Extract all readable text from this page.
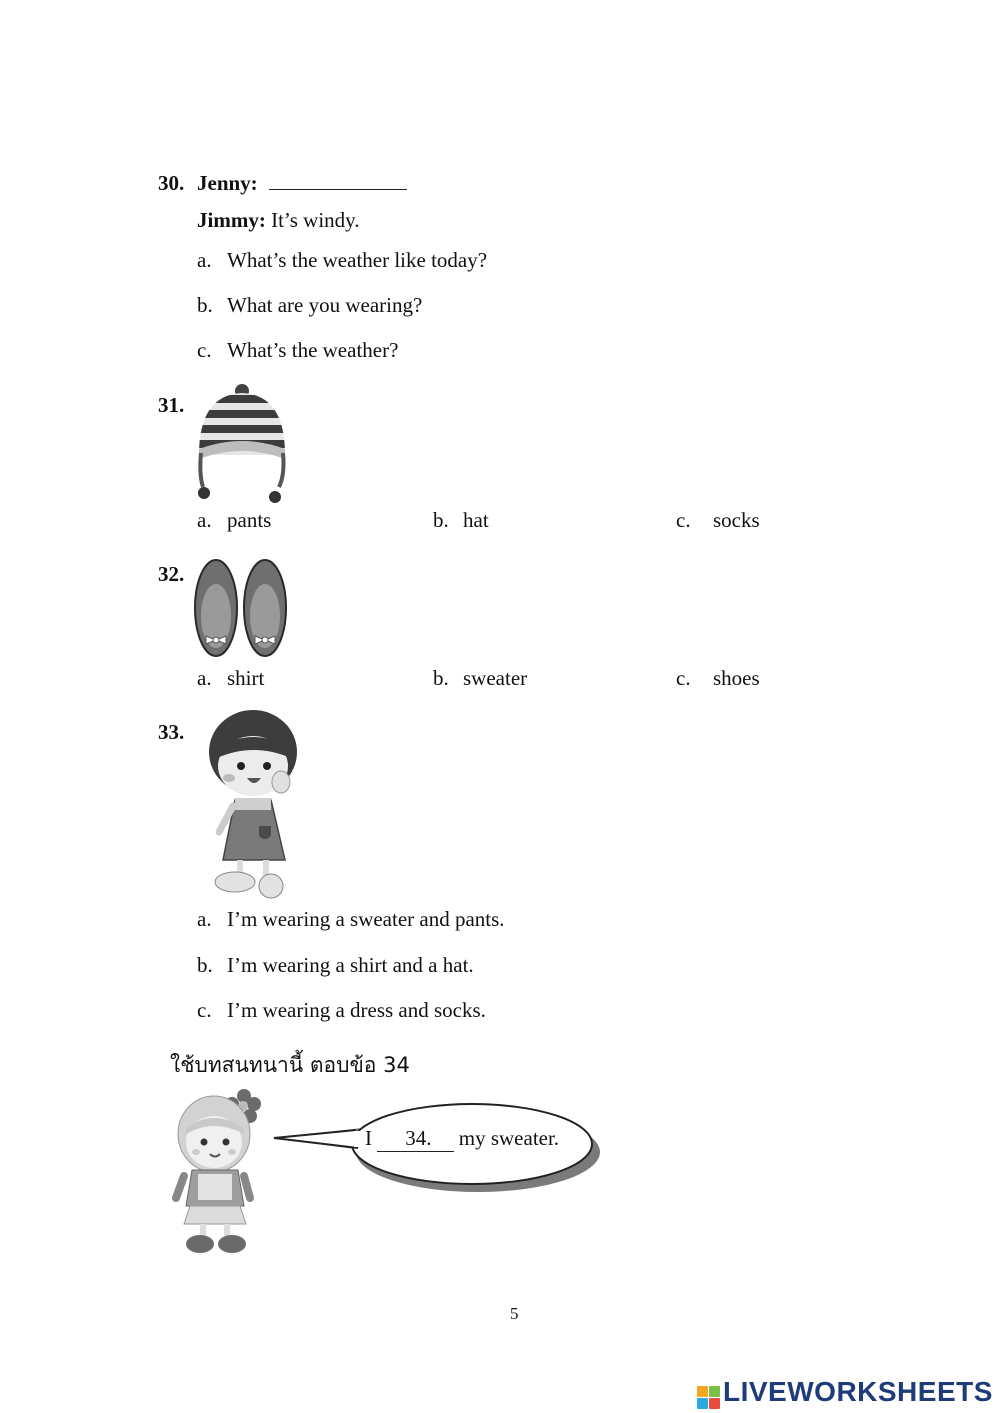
30. Jenny:
Jimmy: It’s windy.
a. What’s the weather like today?
b. What are you wearing?
c. What’s the weather?
31.
a. pants	b. hat	c. socks
32.
a. shirt	b. sweater	c. shoes
33.
a. I’m wearing a sweater and pants.
b. I’m wearing a shirt and a hat.
c. I’m wearing a dress and socks.
ใช้บทสนทนานี้ ตอบข้อ 34
I 34. my sweater.
5
LIVEWORKSHEETS
